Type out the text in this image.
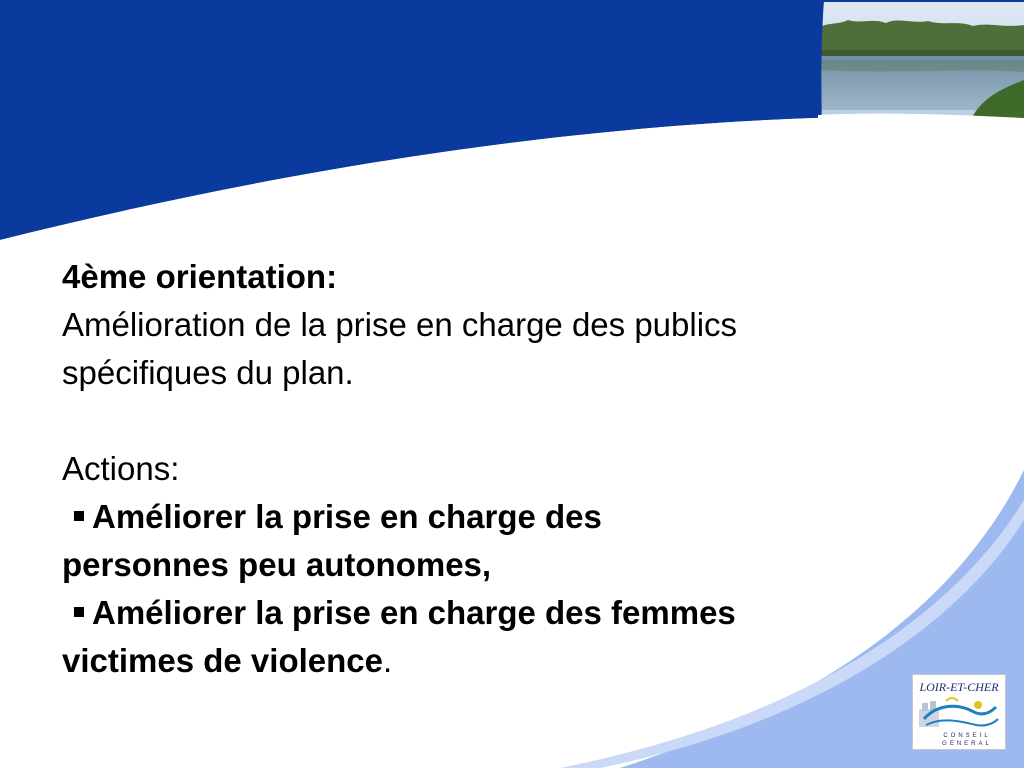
4ème orientation:
Amélioration de la prise en charge des publics
spécifiques du plan.
Actions:
Améliorer la prise en charge des
personnes peu autonomes,
Améliorer la prise en charge des femmes
victimes de violence.
LOIR-ET-CHER
CONSEIL
GENERAL
